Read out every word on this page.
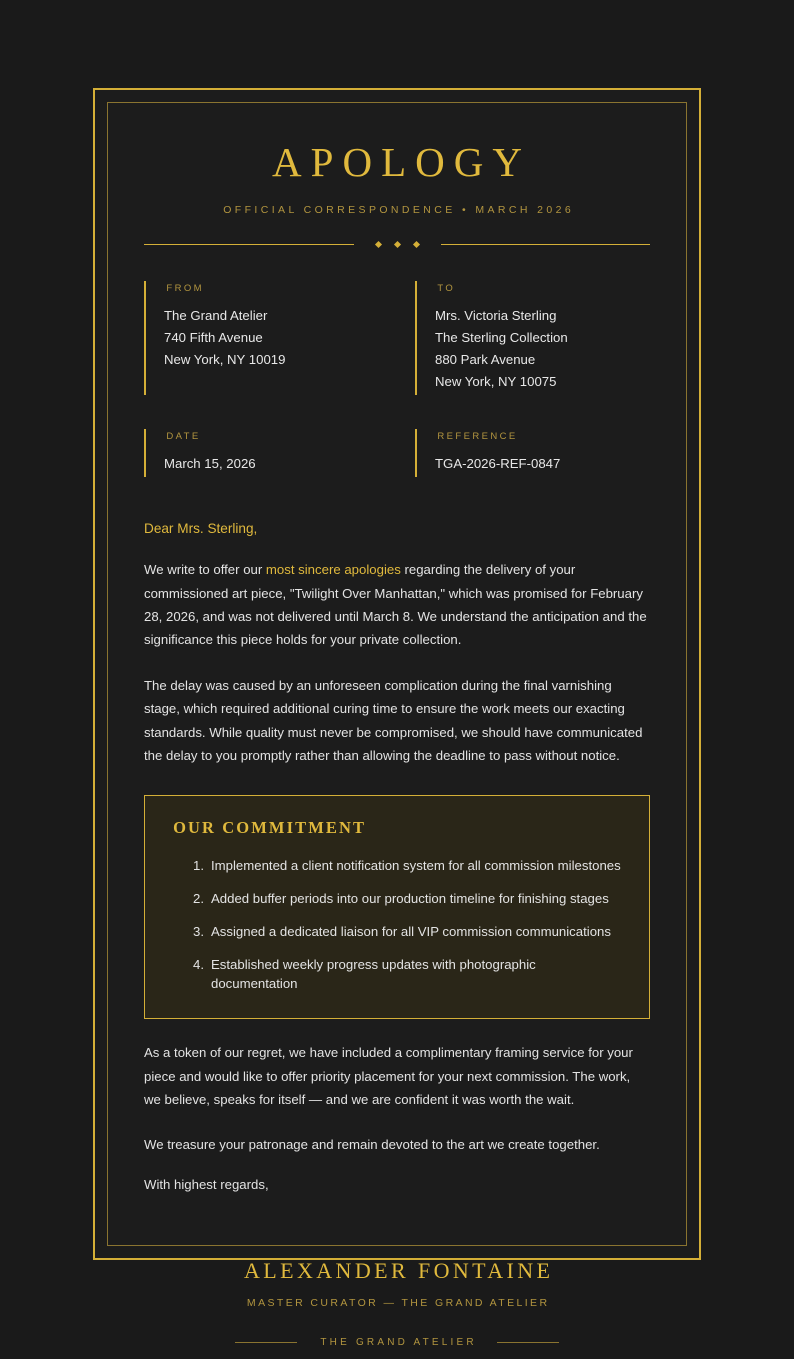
APOLOGY
OFFICIAL CORRESPONDENCE • MARCH 2026
FROM
The Grand Atelier
740 Fifth Avenue
New York, NY 10019
TO
Mrs. Victoria Sterling
The Sterling Collection
880 Park Avenue
New York, NY 10075
DATE
March 15, 2026
REFERENCE
TGA-2026-REF-0847
Dear Mrs. Sterling,

We write to offer our most sincere apologies regarding the delivery of your commissioned art piece, "Twilight Over Manhattan," which was promised for February 28, 2026, and was not delivered until March 8. We understand the anticipation and the significance this piece holds for your private collection.

The delay was caused by an unforeseen complication during the final varnishing stage, which required additional curing time to ensure the work meets our exacting standards. While quality must never be compromised, we should have communicated the delay to you promptly rather than allowing the deadline to pass without notice.

OUR COMMITMENT
Implemented a client notification system for all commission milestones
Added buffer periods into our production timeline for finishing stages
Assigned a dedicated liaison for all VIP commission communications
Established weekly progress updates with photographic documentation

As a token of our regret, we have included a complimentary framing service for your piece and would like to offer priority placement for your next commission. The work, we believe, speaks for itself — and we are confident it was worth the wait.

We treasure your patronage and remain devoted to the art we create together.

With highest regards,

ALEXANDER FONTAINE
MASTER CURATOR — THE GRAND ATELIER
THE GRAND ATELIER
